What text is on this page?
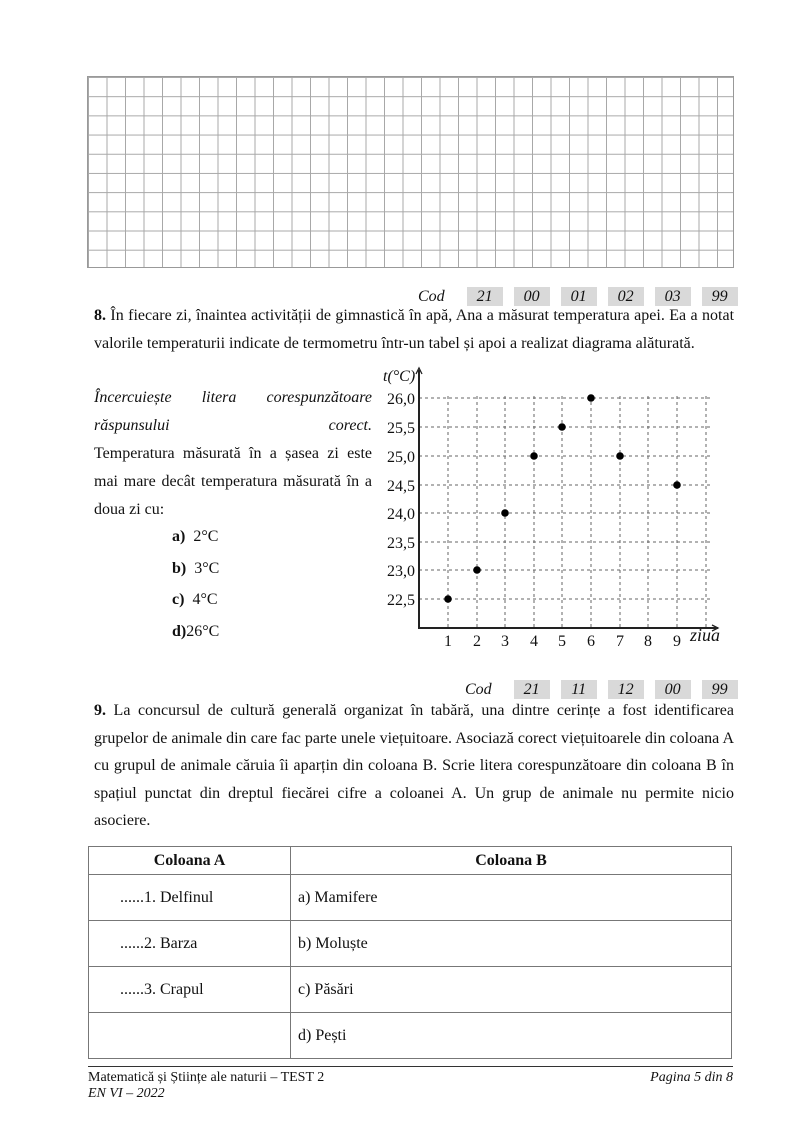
Cod	21	00	01	02	03	99
8. În fiecare zi, înaintea activității de gimnastică în apă, Ana a măsurat temperatura apei. Ea a notat valorile temperaturii indicate de termometru într-un tabel și apoi a realizat diagrama alăturată.
Încercuiește litera corespunzătoare răspunsului corect.
Temperatura măsurată în a șasea zi este mai mare decât temperatura măsurată în a doua zi cu:
a) 2°C
b) 3°C
c) 4°C
d)26°C
26,0
25,5
25,0
24,5
24,0
23,5
23,0
22,5
1 2 3 4 5 6 7 8 9
t(°C)
ziua
Cod	21	11	12	00	99
9. La concursul de cultură generală organizat în tabără, una dintre cerințe a fost identificarea grupelor de animale din care fac parte unele viețuitoare. Asociază corect viețuitoarele din coloana A cu grupul de animale căruia îi aparțin din coloana B. Scrie litera corespunzătoare din coloana B în spațiul punctat din dreptul fiecărei cifre a coloanei A. Un grup de animale nu permite nicio asociere.
Coloana A	Coloana B
......1. Delfinul	a) Mamifere
......2. Barza	b) Moluște
......3. Crapul	c) Păsări
	d) Pești
Matematică și Științe ale naturii – TEST 2	Pagina 5 din 8
EN VI – 2022
